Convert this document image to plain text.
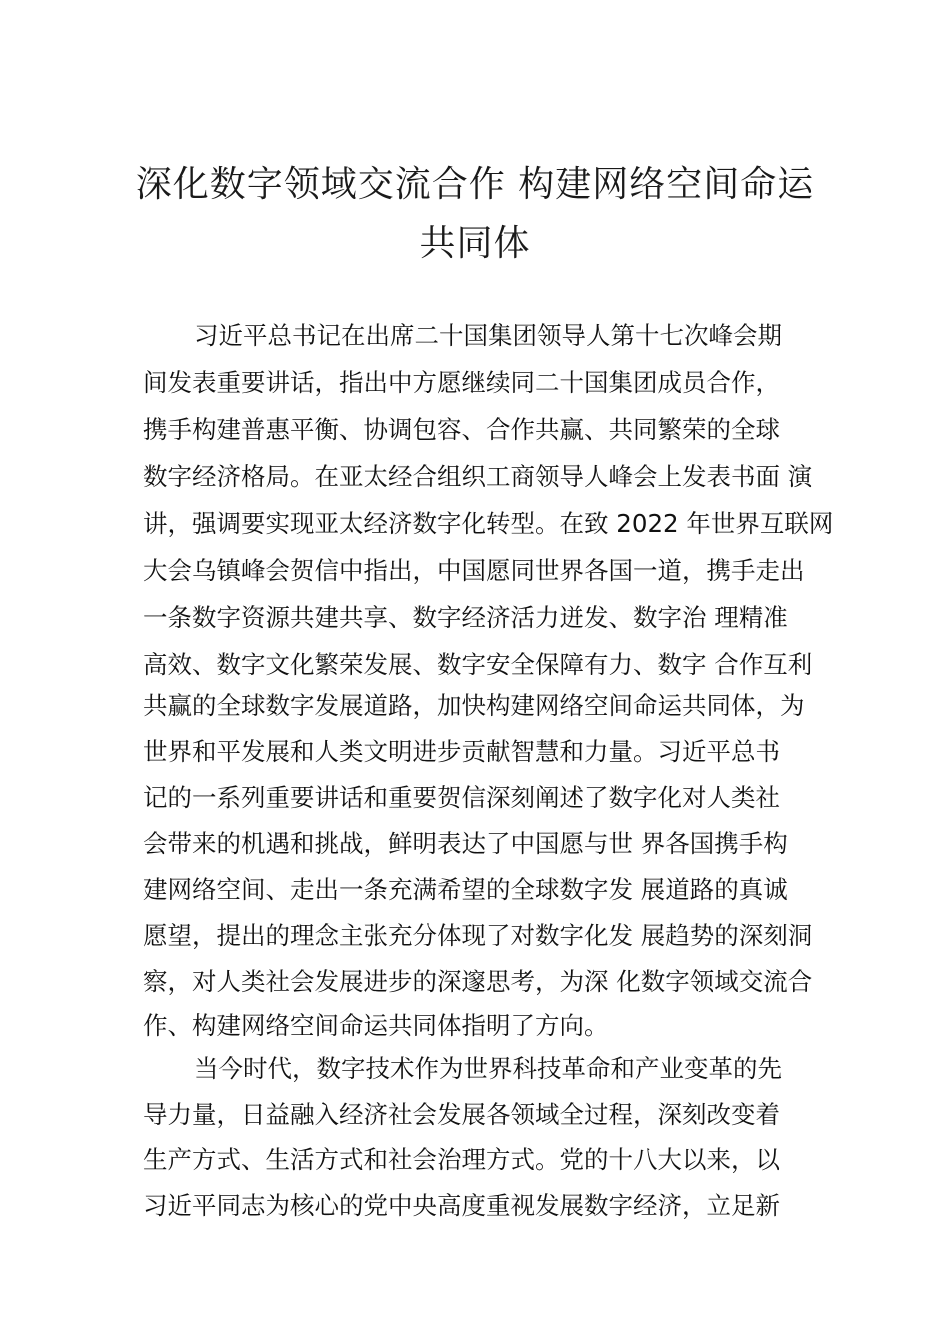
深化数字领域交流合作 构建网络空间命运
共同体
习近平总书记在出席二十国集团领导人第十七次峰会期
间发表重要讲话，指出中方愿继续同二十国集团成员合作，
携手构建普惠平衡、协调包容、合作共赢、共同繁荣的全球
数字经济格局。在亚太经合组织工商领导人峰会上发表书面 演
讲，强调要实现亚太经济数字化转型。在致 2022 年世界互联网
大会乌镇峰会贺信中指出，中国愿同世界各国一道，携手走出
一条数字资源共建共享、数字经济活力迸发、数字治 理精准
高效、数字文化繁荣发展、数字安全保障有力、数字 合作互利
共赢的全球数字发展道路，加快构建网络空间命运共同体，为
世界和平发展和人类文明进步贡献智慧和力量。习近平总书
记的一系列重要讲话和重要贺信深刻阐述了数字化对人类社
会带来的机遇和挑战，鲜明表达了中国愿与世 界各国携手构
建网络空间、走出一条充满希望的全球数字发 展道路的真诚
愿望，提出的理念主张充分体现了对数字化发 展趋势的深刻洞
察，对人类社会发展进步的深邃思考，为深 化数字领域交流合
作、构建网络空间命运共同体指明了方向。
当今时代，数字技术作为世界科技革命和产业变革的先
导力量，日益融入经济社会发展各领域全过程，深刻改变着
生产方式、生活方式和社会治理方式。党的十八大以来，以
习近平同志为核心的党中央高度重视发展数字经济，立足新
